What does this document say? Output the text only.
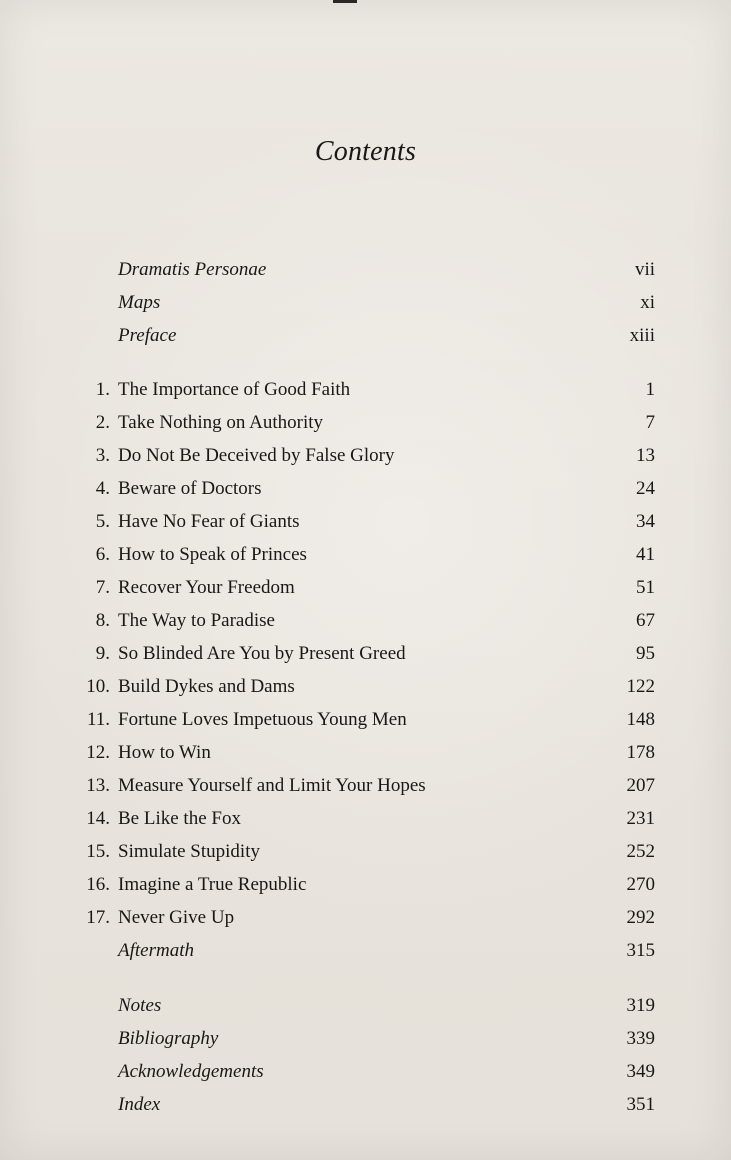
Contents
Dramatis Personae	vii
Maps	xi
Preface	xiii
1. The Importance of Good Faith	1
2. Take Nothing on Authority	7
3. Do Not Be Deceived by False Glory	13
4. Beware of Doctors	24
5. Have No Fear of Giants	34
6. How to Speak of Princes	41
7. Recover Your Freedom	51
8. The Way to Paradise	67
9. So Blinded Are You by Present Greed	95
10. Build Dykes and Dams	122
11. Fortune Loves Impetuous Young Men	148
12. How to Win	178
13. Measure Yourself and Limit Your Hopes	207
14. Be Like the Fox	231
15. Simulate Stupidity	252
16. Imagine a True Republic	270
17. Never Give Up	292
Aftermath	315
Notes	319
Bibliography	339
Acknowledgements	349
Index	351
